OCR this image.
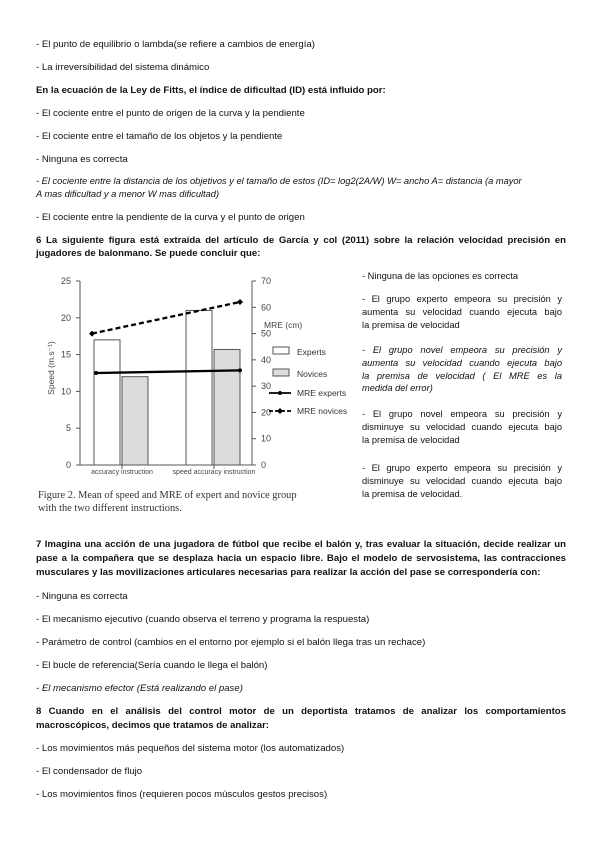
- El punto de equilibrio o lambda(se refiere a cambios de energía)
- La irreversibilidad del sistema dinámico
En la ecuación de la Ley de Fitts, el índice de dificultad (ID) está influido por:
- El cociente entre el punto de origen de la curva y la pendiente
- El cociente entre el tamaño de los objetos y la pendiente
- Ninguna es correcta
- El cociente entre la distancia de los objetivos y el tamaño de estos (ID= log2(2A/W) W= ancho A= distancia (a mayor
A mas dificultad y a menor W mas dificultad)
- El cociente entre la pendiente de la curva y el punto de origen
6 La siguiente figura está extraída del artículo de García y col (2011) sobre la relación velocidad precisión en
jugadores de balonmano. Se puede concluir que:
0
5
10
15
20
25
Speed (m.s⁻¹)
accuracy instruction	speed accuracy instruction
0
10
20
30
40
50
60
70
MRE (cm)
Experts
Novices
MRE experts
MRE novices
Figure 2. Mean of speed and MRE of expert and novice group
with the two different instructions.
- Ninguna de las opciones es correcta
- El grupo experto empeora su precisión y
aumenta su velocidad cuando ejecuta bajo
la premisa de velocidad
- El grupo novel empeora su precisión y
aumenta su velocidad cuando ejecuta bajo
la premisa de velocidad ( El MRE es la
medida del error)
- El grupo novel empeora su precisión y
disminuye su velocidad cuando ejecuta bajo
la premisa de velocidad
- El grupo experto empeora su precisión y
disminuye su velocidad cuando ejecuta bajo
la premisa de velocidad.
7 Imagina una acción de una jugadora de fútbol que recibe el balón y, tras evaluar la situación, decide realizar un
pase a la compañera que se desplaza hacia un espacio libre. Bajo el modelo de servosistema, las contracciones
musculares y las movilizaciones articulares necesarias para realizar la acción del pase se correspondería con:
- Ninguna es correcta
- El mecanismo ejecutivo (cuando observa el terreno y programa la respuesta)
- Parámetro de control (cambios en el entorno por ejemplo si el balón llega tras un rechace)
- El bucle de referencia(Sería cuando le llega el balón)
- El mecanismo efector (Está realizando el pase)
8 Cuando en el análisis del control motor de un deportista tratamos de analizar los comportamientos
macroscópicos, decimos que tratamos de analizar:
- Los movimientos más pequeños del sistema motor (los automatizados)
- El condensador de flujo
- Los movimientos finos (requieren pocos músculos gestos precisos)
